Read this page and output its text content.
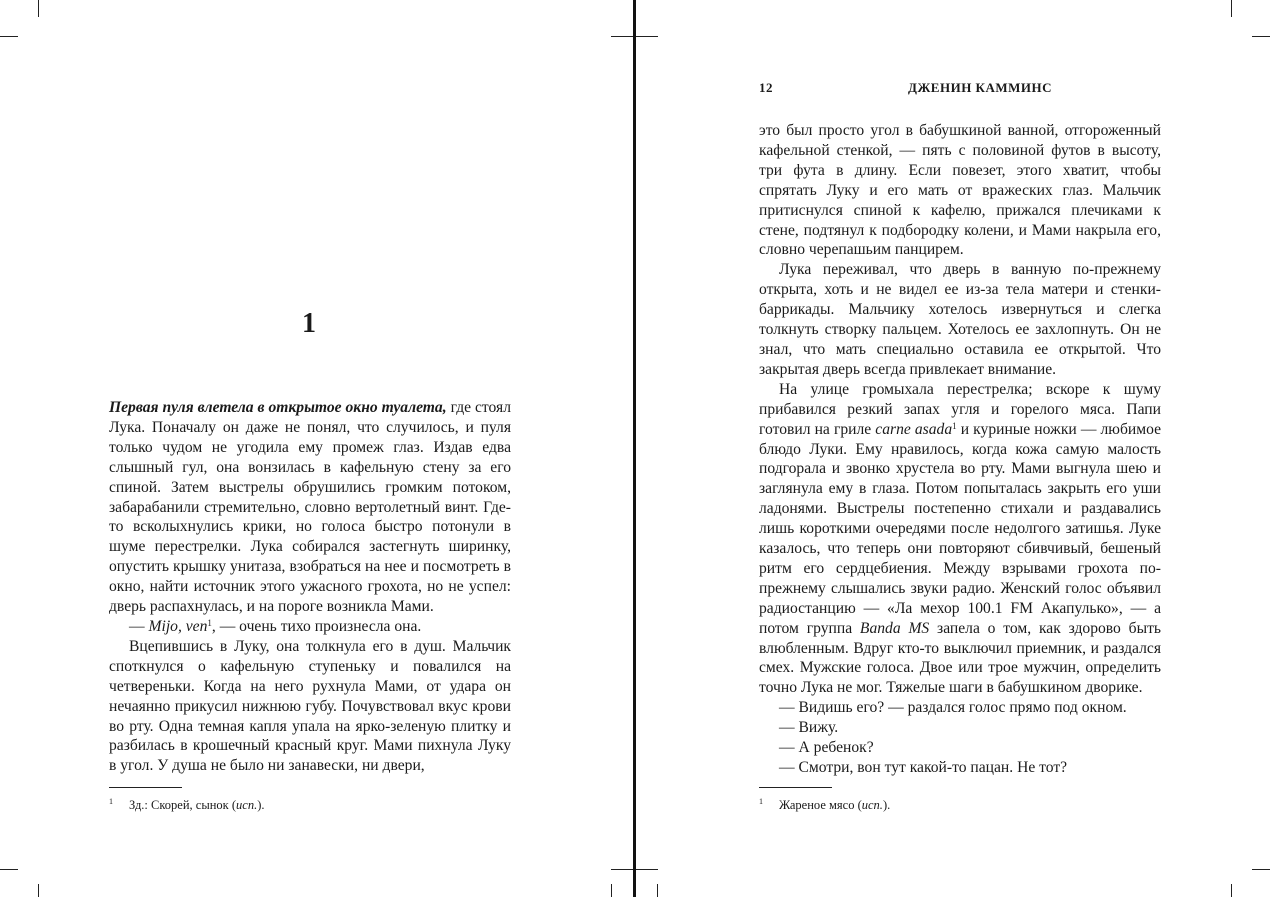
1

Первая пуля влетела в открытое окно туалета, где стоял Лука. Поначалу он даже не понял, что случилось, и пуля только чудом не угодила ему промеж глаз. Издав едва слышный гул, она вонзилась в кафельную стену за его спиной. Затем выстрелы обрушились громким потоком, забарабанили стремительно, словно вертолетный винт. Где-то всколыхнулись крики, но голоса быстро потонули в шуме перестрелки. Лука собирался застегнуть ширинку, опустить крышку унитаза, взобраться на нее и посмотреть в окно, найти источник этого ужасного грохота, но не успел: дверь распахнулась, и на пороге возникла Мами.

— Mijo, ven$^1$, — очень тихо произнесла она.

Вцепившись в Луку, она толкнула его в душ. Мальчик споткнулся о кафельную ступеньку и повалился на четвереньки. Когда на него рухнула Мами, от удара он нечаянно прикусил нижнюю губу. Почувствовал вкус крови во рту. Одна темная капля упала на ярко-зеленую плитку и разбилась в крошечный красный круг. Мами пихнула Луку в угол. У душа не было ни занавески, ни двери,

1 Зд.: Скорей, сынок (исп.).
12	ДЖЕНИН КАММИНС

это был просто угол в бабушкиной ванной, отгороженный кафельной стенкой, — пять с половиной футов в высоту, три фута в длину. Если повезет, этого хватит, чтобы спрятать Луку и его мать от вражеских глаз. Мальчик притиснулся спиной к кафелю, прижался плечиками к стене, подтянул к подбородку колени, и Мами накрыла его, словно черепашьим панцирем.

Лука переживал, что дверь в ванную по-прежнему открыта, хоть и не видел ее из-за тела матери и стенки-баррикады. Мальчику хотелось извернуться и слегка толкнуть створку пальцем. Хотелось ее захлопнуть. Он не знал, что мать специально оставила ее открытой. Что закрытая дверь всегда привлекает внимание.

На улице громыхала перестрелка; вскоре к шуму прибавился резкий запах угля и горелого мяса. Папи готовил на гриле carne asada$^1$ и куриные ножки — любимое блюдо Луки. Ему нравилось, когда кожа самую малость подгорала и звонко хрустела во рту. Мами выгнула шею и заглянула ему в глаза. Потом попыталась закрыть его уши ладонями. Выстрелы постепенно стихали и раздавались лишь короткими очередями после недолгого затишья. Луке казалось, что теперь они повторяют сбивчивый, бешеный ритм его сердцебиения. Между взрывами грохота по-прежнему слышались звуки радио. Женский голос объявил радиостанцию — «Ла мехор 100.1 FM Акапулько», — а потом группа Banda MS запела о том, как здорово быть влюбленным. Вдруг кто-то выключил приемник, и раздался смех. Мужские голоса. Двое или трое мужчин, определить точно Лука не мог. Тяжелые шаги в бабушкином дворике.

— Видишь его? — раздался голос прямо под окном.

— Вижу.

— А ребенок?

— Смотри, вон тут какой-то пацан. Не тот?

1 Жареное мясо (исп.).
